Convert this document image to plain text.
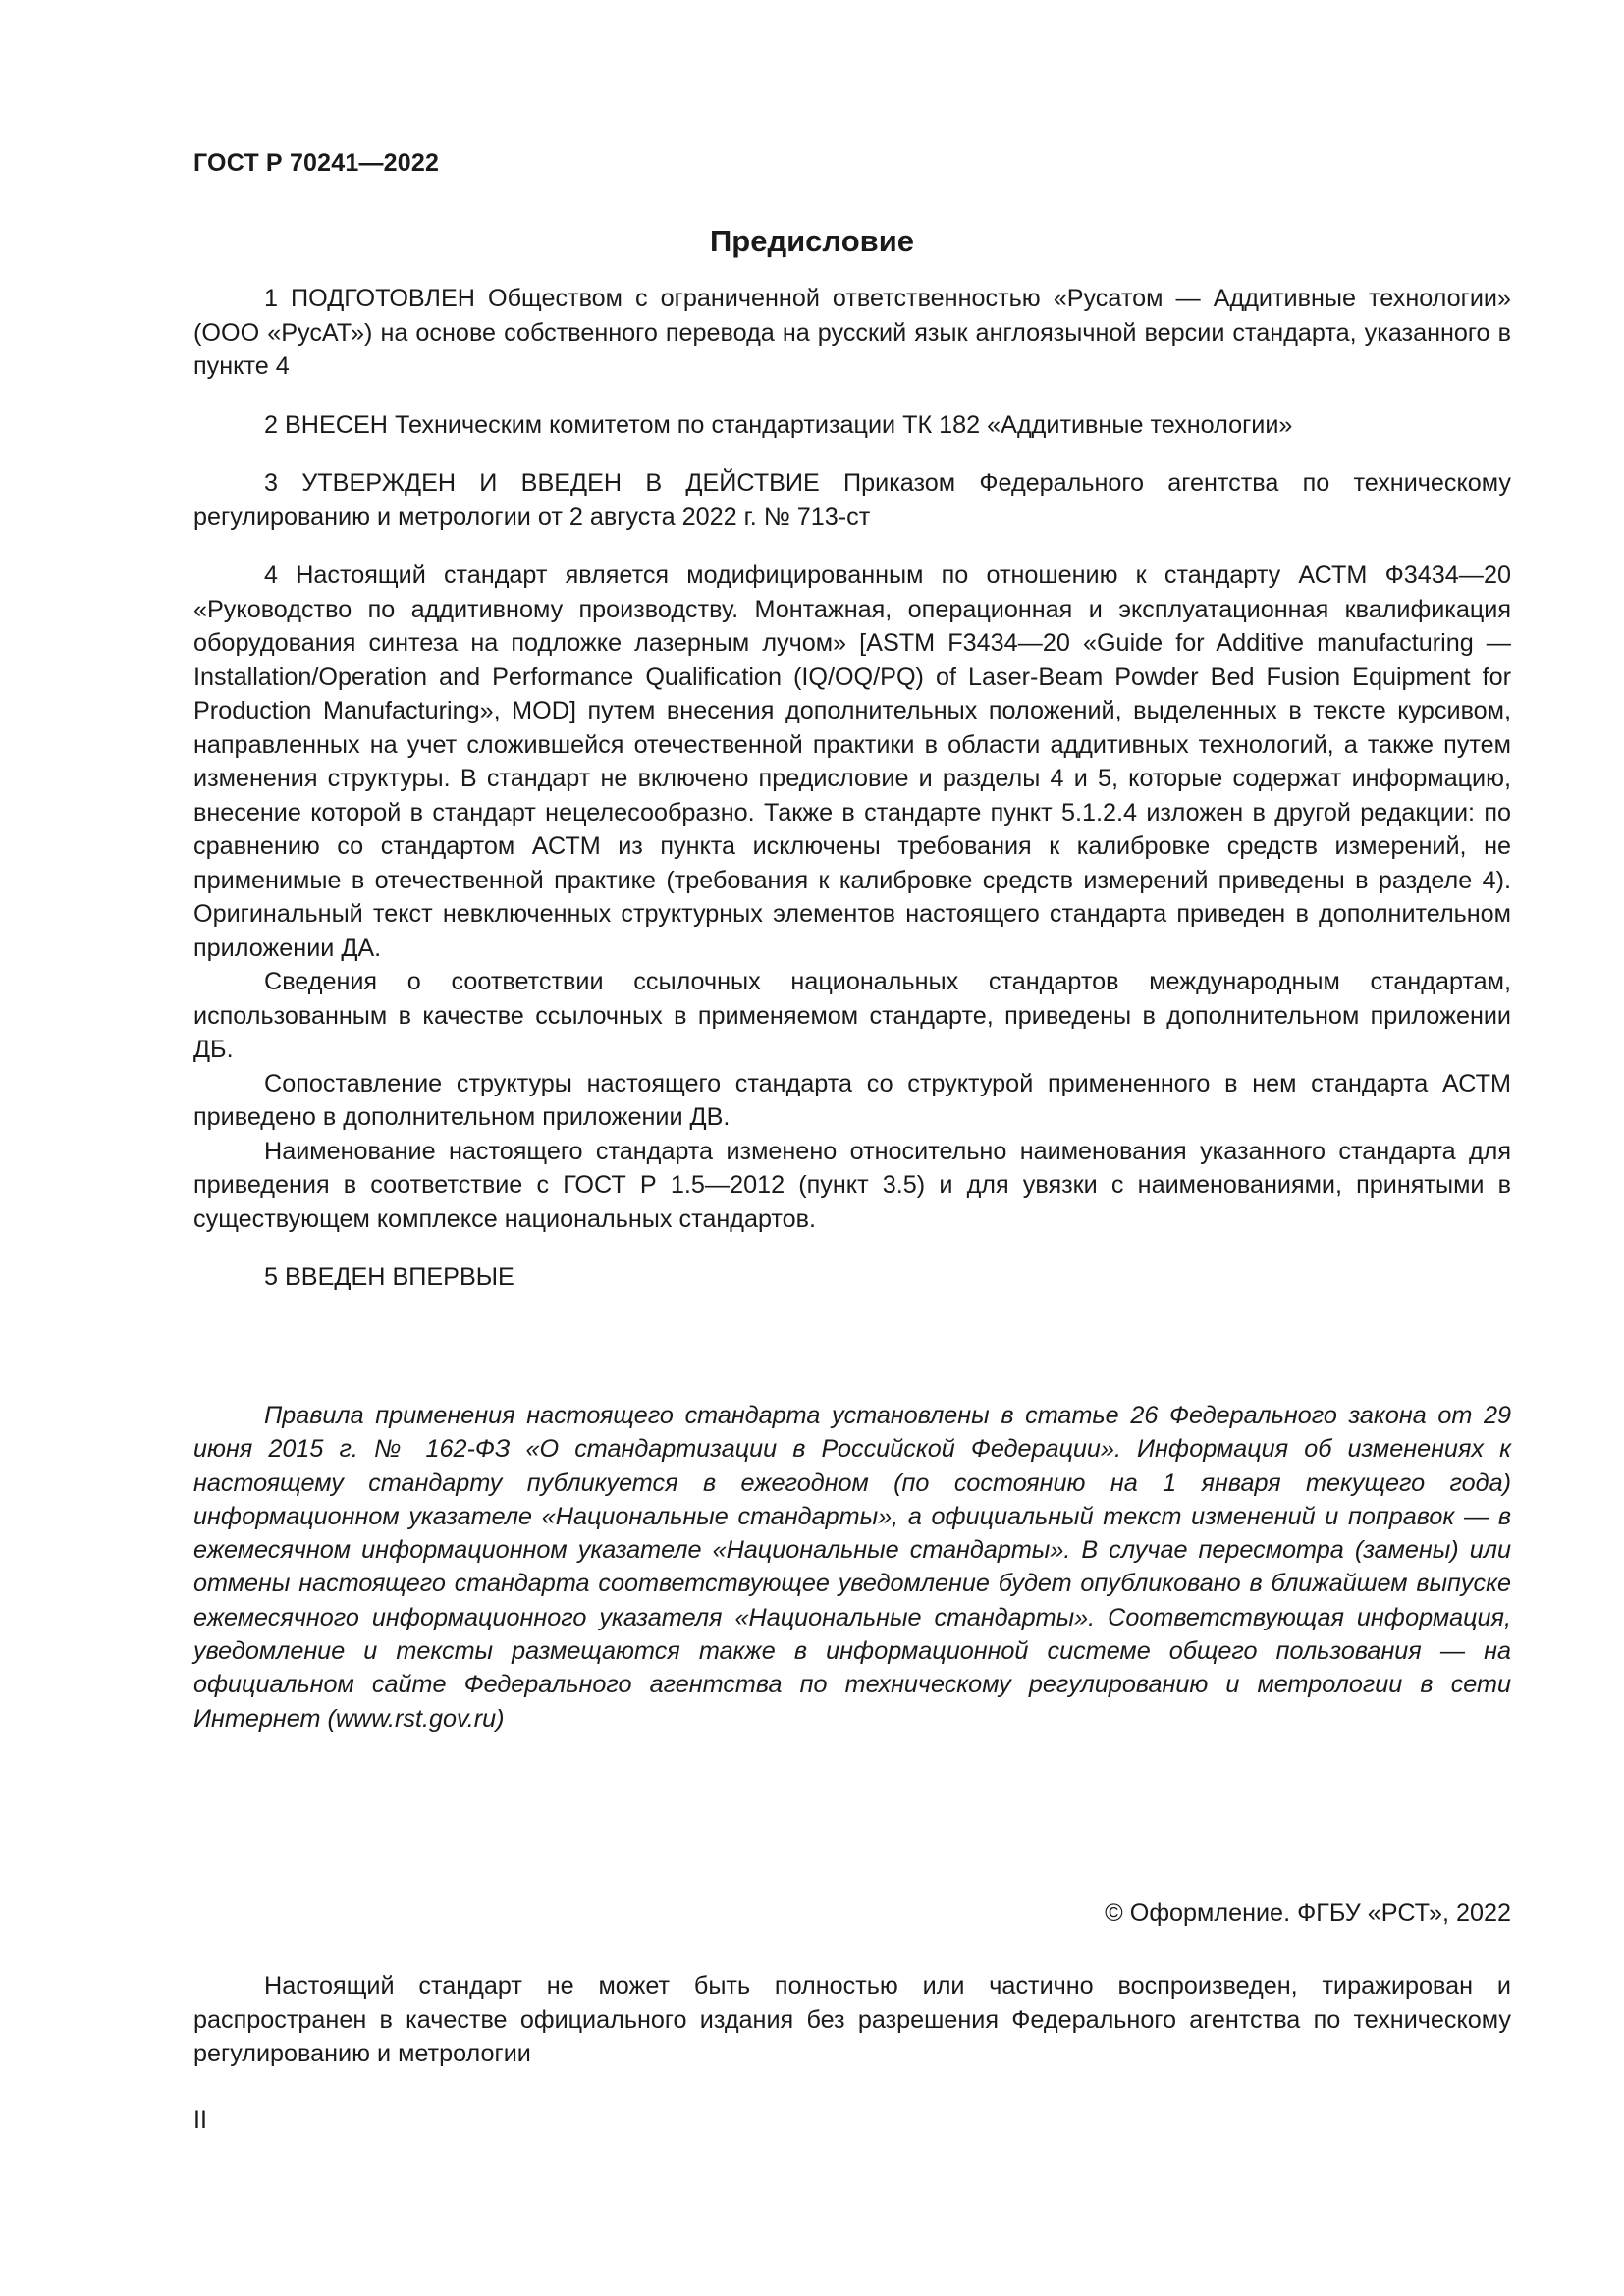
ГОСТ Р 70241—2022
Предисловие

1 ПОДГОТОВЛЕН Обществом с ограниченной ответственностью «Русатом — Аддитивные технологии» (ООО «РусАТ») на основе собственного перевода на русский язык англоязычной версии стандарта, указанного в пункте 4

2 ВНЕСЕН Техническим комитетом по стандартизации ТК 182 «Аддитивные технологии»

3 УТВЕРЖДЕН И ВВЕДЕН В ДЕЙСТВИЕ Приказом Федерального агентства по техническому регулированию и метрологии от 2 августа 2022 г. № 713-ст

4 Настоящий стандарт является модифицированным по отношению к стандарту АСТМ Ф3434—20 «Руководство по аддитивному производству. Монтажная, операционная и эксплуатационная квалификация оборудования синтеза на подложке лазерным лучом» [ASTM F3434—20 «Guide for Additive manufacturing — Installation/Operation and Performance Qualification (IQ/OQ/PQ) of Laser-Beam Powder Bed Fusion Equipment for Production Manufacturing», MOD] путем внесения дополнительных положений, выделенных в тексте курсивом, направленных на учет сложившейся отечественной практики в области аддитивных технологий, а также путем изменения структуры. В стандарт не включено предисловие и разделы 4 и 5, которые содержат информацию, внесение которой в стандарт нецелесообразно. Также в стандарте пункт 5.1.2.4 изложен в другой редакции: по сравнению со стандартом АСТМ из пункта исключены требования к калибровке средств измерений, не применимые в отечественной практике (требования к калибровке средств измерений приведены в разделе 4). Оригинальный текст невключенных структурных элементов настоящего стандарта приведен в дополнительном приложении ДА.

Сведения о соответствии ссылочных национальных стандартов международным стандартам, использованным в качестве ссылочных в применяемом стандарте, приведены в дополнительном приложении ДБ.

Сопоставление структуры настоящего стандарта со структурой примененного в нем стандарта АСТМ приведено в дополнительном приложении ДВ.

Наименование настоящего стандарта изменено относительно наименования указанного стандарта для приведения в соответствие с ГОСТ Р 1.5—2012 (пункт 3.5) и для увязки с наименованиями, принятыми в существующем комплексе национальных стандартов.

5 ВВЕДЕН ВПЕРВЫЕ

Правила применения настоящего стандарта установлены в статье 26 Федерального закона от 29 июня 2015 г. № 162-ФЗ «О стандартизации в Российской Федерации». Информация об изменениях к настоящему стандарту публикуется в ежегодном (по состоянию на 1 января текущего года) информационном указателе «Национальные стандарты», а официальный текст изменений и поправок — в ежемесячном информационном указателе «Национальные стандарты». В случае пересмотра (замены) или отмены настоящего стандарта соответствующее уведомление будет опубликовано в ближайшем выпуске ежемесячного информационного указателя «Национальные стандарты». Соответствующая информация, уведомление и тексты размещаются также в информационной системе общего пользования — на официальном сайте Федерального агентства по техническому регулированию и метрологии в сети Интернет (www.rst.gov.ru)

© Оформление. ФГБУ «РСТ», 2022

Настоящий стандарт не может быть полностью или частично воспроизведен, тиражирован и распространен в качестве официального издания без разрешения Федерального агентства по техническому регулированию и метрологии

II
